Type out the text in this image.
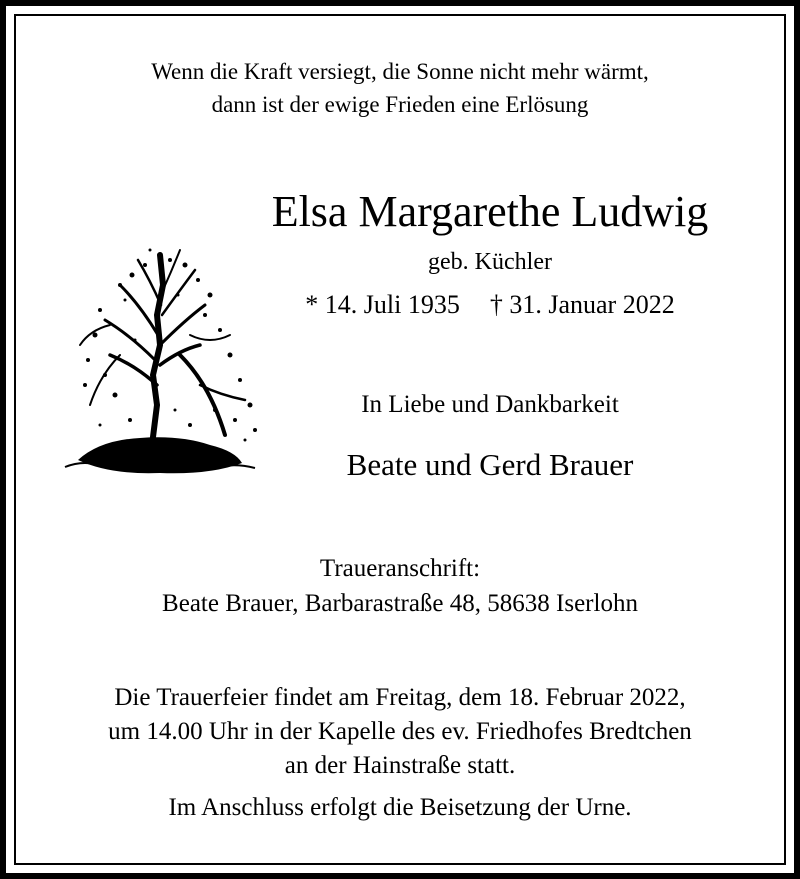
Wenn die Kraft versiegt, die Sonne nicht mehr wärmt,
dann ist der ewige Frieden eine Erlösung
Elsa Margarethe Ludwig
geb. Küchler
* 14. Juli 1935 † 31. Januar 2022
In Liebe und Dankbarkeit
Beate und Gerd Brauer
Traueranschrift:
Beate Brauer, Barbarastraße 48, 58638 Iserlohn
Die Trauerfeier findet am Freitag, dem 18. Februar 2022,
um 14.00 Uhr in der Kapelle des ev. Friedhofes Bredtchen
an der Hainstraße statt.
Im Anschluss erfolgt die Beisetzung der Urne.
